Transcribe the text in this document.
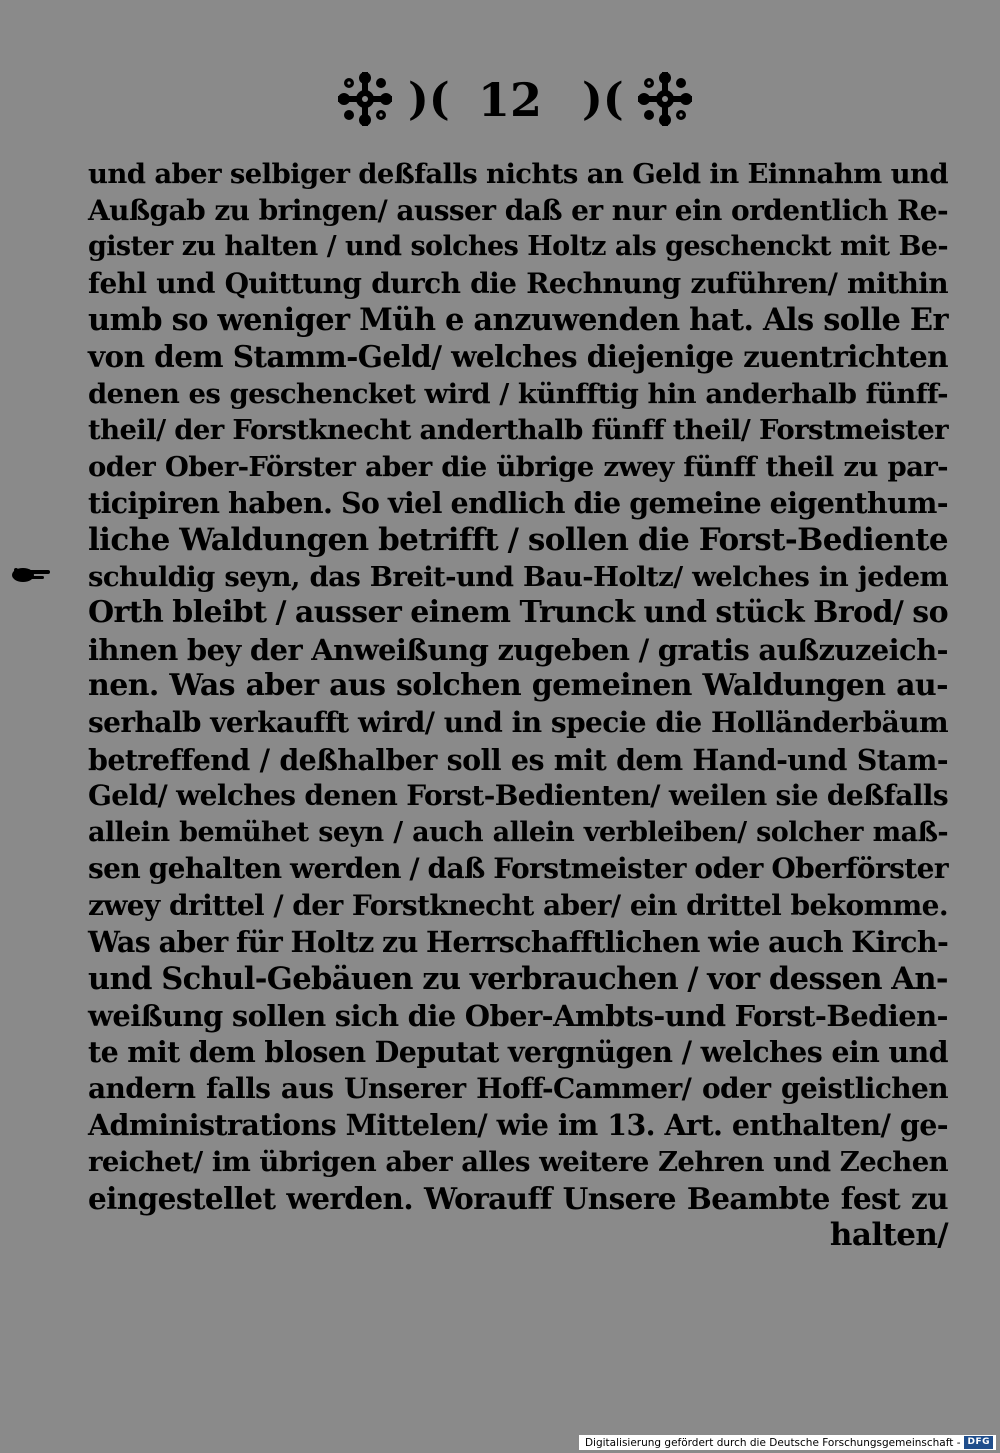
)( 12 )(
und aber selbiger deßfalls nichts an Geld in Einnahm und
Außgab zu bringen/ ausser daß er nur ein ordentlich Re-
gister zu halten / und solches Holtz als geschenckt mit Be-
fehl und Quittung durch die Rechnung zuführen/ mithin
umb so weniger Müh e anzuwenden hat. Als solle Er
von dem Stamm-Geld/ welches diejenige zuentrichten
denen es geschencket wird / künfftig hin anderhalb fünff-
theil/ der Forstknecht anderthalb fünff theil/ Forstmeister
oder Ober-Förster aber die übrige zwey fünff theil zu par-
ticipiren haben. So viel endlich die gemeine eigenthum-
liche Waldungen betrifft / sollen die Forst-Bediente
schuldig seyn, das Breit-und Bau-Holtz/ welches in jedem
Orth bleibt / ausser einem Trunck und stück Brod/ so
ihnen bey der Anweißung zugeben / gratis außzuzeich-
nen. Was aber aus solchen gemeinen Waldungen au-
serhalb verkaufft wird/ und in specie die Holländerbäum
betreffend / deßhalber soll es mit dem Hand-und Stam-
Geld/ welches denen Forst-Bedienten/ weilen sie deßfalls
allein bemühet seyn / auch allein verbleiben/ solcher maß-
sen gehalten werden / daß Forstmeister oder Oberförster
zwey drittel / der Forstknecht aber/ ein drittel bekomme.
Was aber für Holtz zu Herrschafftlichen wie auch Kirch-
und Schul-Gebäuen zu verbrauchen / vor dessen An-
weißung sollen sich die Ober-Ambts-und Forst-Bedien-
te mit dem blosen Deputat vergnügen / welches ein und
andern falls aus Unserer Hoff-Cammer/ oder geistlichen
Administrations Mittelen/ wie im 13. Art. enthalten/ ge-
reichet/ im übrigen aber alles weitere Zehren und Zechen
eingestellet werden. Worauff Unsere Beambte fest zu
halten/
Digitalisierung gefördert durch die Deutsche Forschungsgemeinschaft - DFG
